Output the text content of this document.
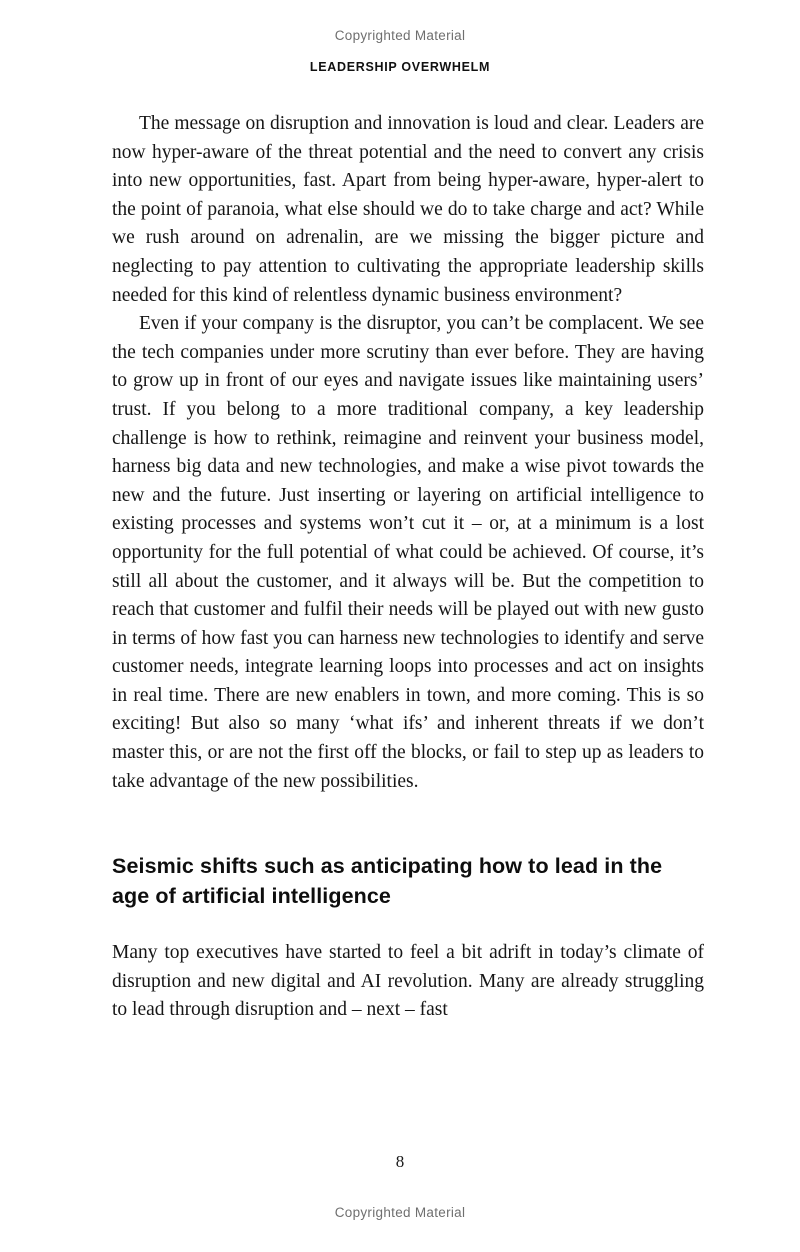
Copyrighted Material
LEADERSHIP OVERWHELM

The message on disruption and innovation is loud and clear. Leaders are now hyper-aware of the threat potential and the need to convert any crisis into new opportunities, fast. Apart from being hyper-aware, hyper-alert to the point of paranoia, what else should we do to take charge and act? While we rush around on adrenalin, are we missing the bigger picture and neglecting to pay attention to cultivating the appropriate leadership skills needed for this kind of relentless dynamic business environment?

Even if your company is the disruptor, you can’t be complacent. We see the tech companies under more scrutiny than ever before. They are having to grow up in front of our eyes and navigate issues like maintaining users’ trust. If you belong to a more traditional company, a key leadership challenge is how to rethink, reimagine and reinvent your business model, harness big data and new technologies, and make a wise pivot towards the new and the future. Just inserting or layering on artificial intelligence to existing processes and systems won’t cut it – or, at a minimum is a lost opportunity for the full potential of what could be achieved. Of course, it’s still all about the customer, and it always will be. But the competition to reach that customer and fulfil their needs will be played out with new gusto in terms of how fast you can harness new technologies to identify and serve customer needs, integrate learning loops into processes and act on insights in real time. There are new enablers in town, and more coming. This is so exciting! But also so many ‘what ifs’ and inherent threats if we don’t master this, or are not the first off the blocks, or fail to step up as leaders to take advantage of the new possibilities.

Seismic shifts such as anticipating how to lead in the age of artificial intelligence

Many top executives have started to feel a bit adrift in today’s climate of disruption and new digital and AI revolution. Many are already struggling to lead through disruption and – next – fast

8
Copyrighted Material
